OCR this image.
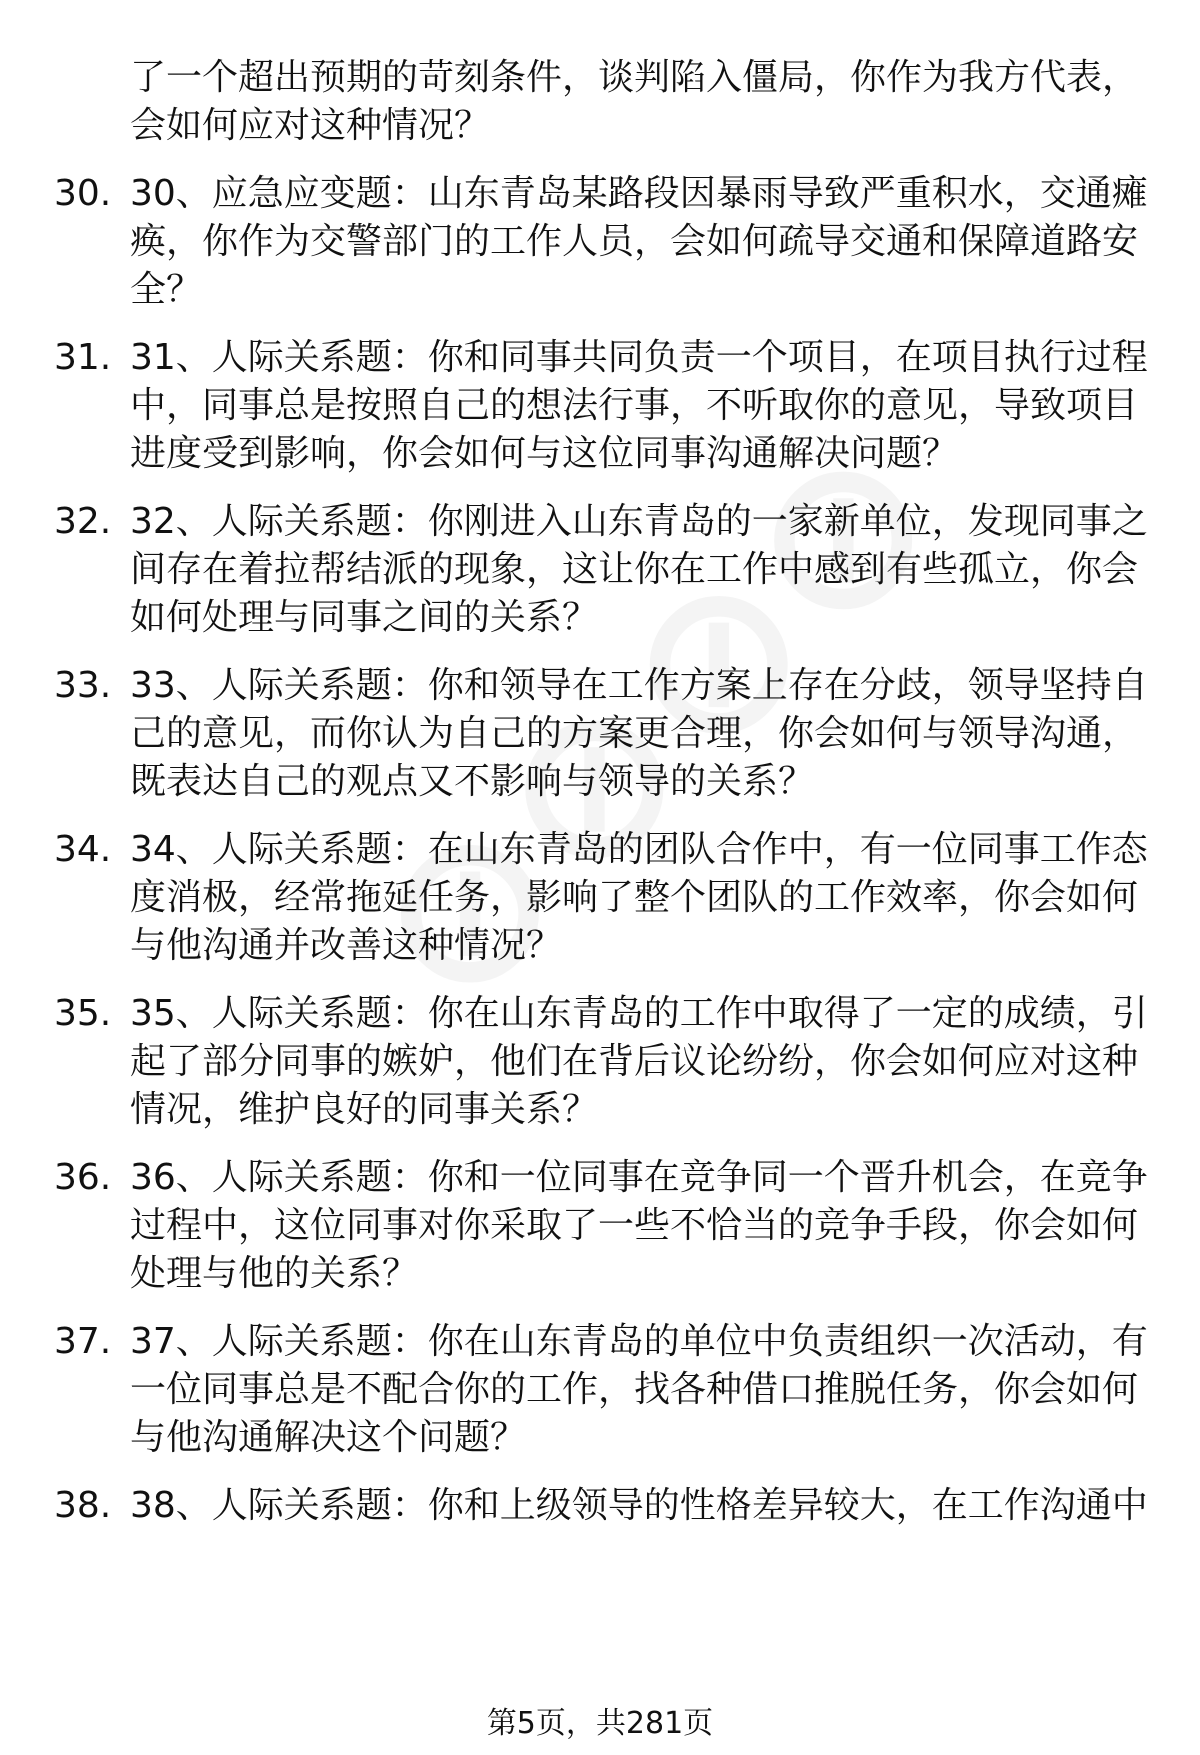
了一个超出预期的苛刻条件，谈判陷入僵局，你作为我方代表，
会如何应对这种情况？
30. 30、应急应变题：山东青岛某路段因暴雨导致严重积水，交通瘫
痪，你作为交警部门的工作人员，会如何疏导交通和保障道路安
全？
31. 31、人际关系题：你和同事共同负责一个项目，在项目执行过程
中，同事总是按照自己的想法行事，不听取你的意见，导致项目
进度受到影响，你会如何与这位同事沟通解决问题？
32. 32、人际关系题：你刚进入山东青岛的一家新单位，发现同事之
间存在着拉帮结派的现象，这让你在工作中感到有些孤立，你会
如何处理与同事之间的关系？
33. 33、人际关系题：你和领导在工作方案上存在分歧，领导坚持自
己的意见，而你认为自己的方案更合理，你会如何与领导沟通，
既表达自己的观点又不影响与领导的关系？
34. 34、人际关系题：在山东青岛的团队合作中，有一位同事工作态
度消极，经常拖延任务，影响了整个团队的工作效率，你会如何
与他沟通并改善这种情况？
35. 35、人际关系题：你在山东青岛的工作中取得了一定的成绩，引
起了部分同事的嫉妒，他们在背后议论纷纷，你会如何应对这种
情况，维护良好的同事关系？
36. 36、人际关系题：你和一位同事在竞争同一个晋升机会，在竞争
过程中，这位同事对你采取了一些不恰当的竞争手段，你会如何
处理与他的关系？
37. 37、人际关系题：你在山东青岛的单位中负责组织一次活动，有
一位同事总是不配合你的工作，找各种借口推脱任务，你会如何
与他沟通解决这个问题？
38. 38、人际关系题：你和上级领导的性格差异较大，在工作沟通中
第5页，共281页
